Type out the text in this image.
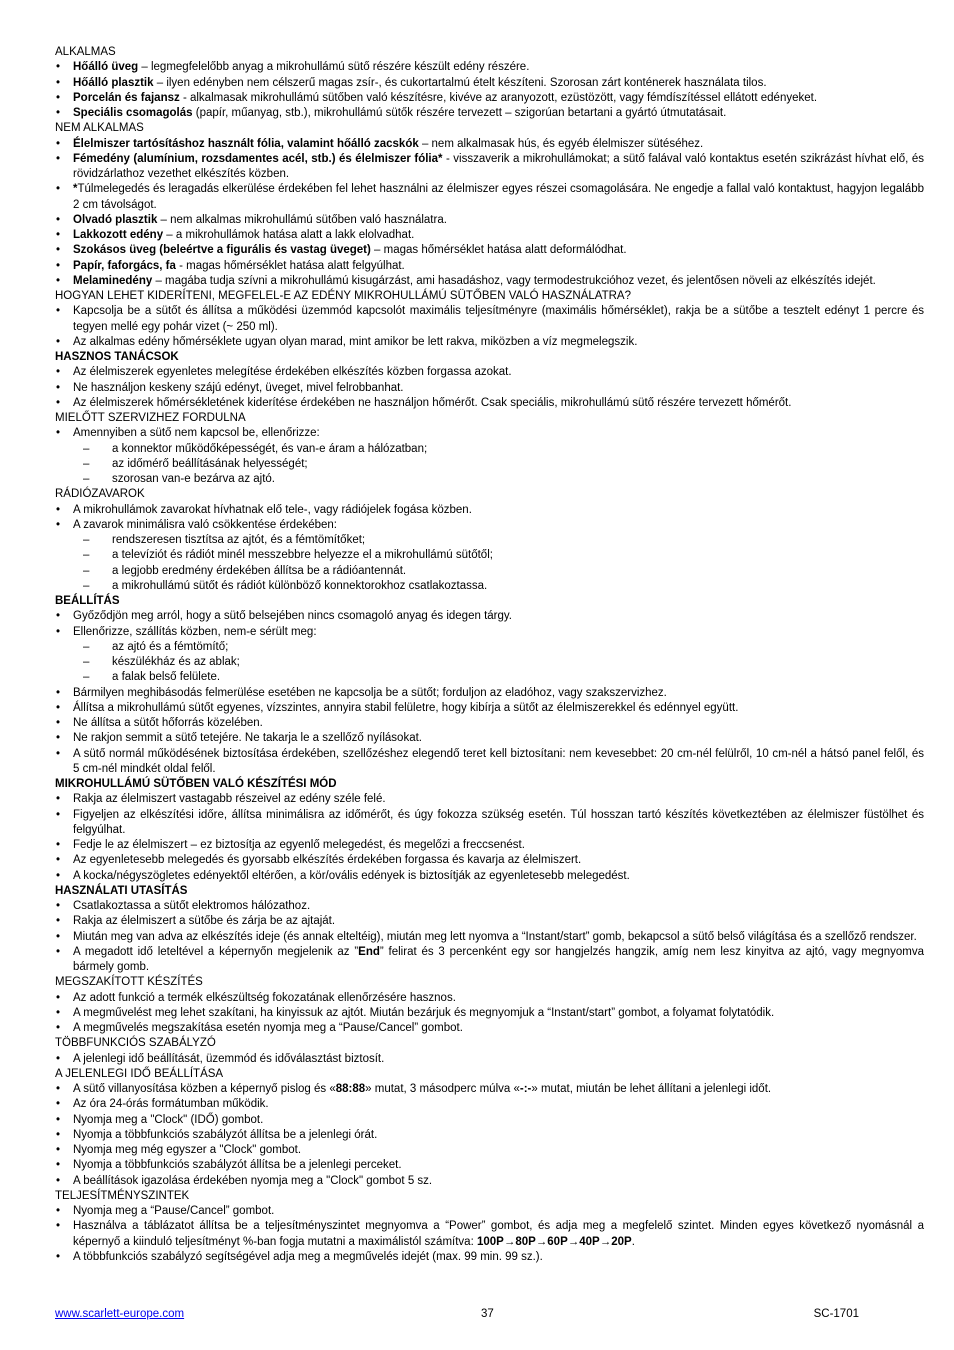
ALKALMAS
• Hőálló üveg – legmegfelelőbb anyag a mikrohullámú sütő részére készült edény részére.
• Hőálló plasztik – ilyen edényben nem célszerű magas zsír-, és cukortartalmú ételt készíteni. Szorosan zárt konténerek használata tilos.
• Porcelán és fajansz - alkalmasak mikrohullámú sütőben való készítésre, kivéve az aranyozott, ezüstözött, vagy fémdíszítéssel ellátott edényeket.
• Speciális csomagolás (papír, műanyag, stb.), mikrohullámú sütők részére tervezett – szigorúan betartani a gyártó útmutatásait.
NEM ALKALMAS
• Élelmiszer tartósításhoz használt fólia, valamint hőálló zacskók – nem alkalmasak hús, és egyéb élelmiszer sütéséhez.
• Fémedény (alumínium, rozsdamentes acél, stb.) és élelmiszer fólia* - visszaverik a mikrohullámokat; a sütő falával való kontaktus esetén szikrázást hívhat elő, és rövidzárlathoz vezethet elkészítés közben.
• *Túlmelegedés és leragadás elkerülése érdekében fel lehet használni az élelmiszer egyes részei csomagolására. Ne engedje a fallal való kontaktust, hagyjon legalább 2 cm távolságot.
• Olvadó plasztik – nem alkalmas mikrohullámú sütőben való használatra.
• Lakkozott edény – a mikrohullámok hatása alatt a lakk elolvadhat.
• Szokásos üveg (beleértve a figurális és vastag üveget) – magas hőmérséklet hatása alatt deformálódhat.
• Papír, faforgács, fa - magas hőmérséklet hatása alatt felgyúlhat.
• Melaminedény – magába tudja szívni a mikrohullámú kisugárzást, ami hasadáshoz, vagy termodestrukcióhoz vezet, és jelentősen növeli az elkészítés idejét.
HOGYAN LEHET KIDERÍTENI, MEGFELEL-E AZ EDÉNY MIKROHULLÁMÚ SÜTŐBEN VALÓ HASZNÁLATRA?
• Kapcsolja be a sütőt és állítsa a működési üzemmód kapcsolót maximális teljesítményre (maximális hőmérséklet), rakja be a sütőbe a tesztelt edényt 1 percre és tegyen mellé egy pohár vizet (~ 250 ml).
• Az alkalmas edény hőmérséklete ugyan olyan marad, mint amikor be lett rakva, miközben a víz megmelegszik.
HASZNOS TANÁCSOK
• Az élelmiszerek egyenletes melegítése érdekében elkészítés közben forgassa azokat.
• Ne használjon keskeny szájú edényt, üveget, mivel felrobbanhat.
• Az élelmiszerek hőmérsékletének kiderítése érdekében ne használjon hőmérőt. Csak speciális, mikrohullámú sütő részére tervezett hőmérőt.
MIELŐTT SZERVIZHEZ FORDULNA
• Amennyiben a sütő nem kapcsol be, ellenőrizze:
– a konnektor működőképességét, és van-e áram a hálózatban;
– az időmérő beállításának helyességét;
– szorosan van-e bezárva az ajtó.
RÁDIÓZAVAROK
• A mikrohullámok zavarokat hívhatnak elő tele-, vagy rádiójelek fogása közben.
• A zavarok minimálisra való csökkentése érdekében:
– rendszeresen tisztítsa az ajtót, és a fémtömítőket;
– a televíziót és rádiót minél messzebbre helyezze el a mikrohullámú sütőtől;
– a legjobb eredmény érdekében állítsa be a rádióantennát.
– a mikrohullámú sütőt és rádiót különböző konnektorokhoz csatlakoztassa.
BEÁLLÍTÁS
• Győződjön meg arról, hogy a sütő belsejében nincs csomagoló anyag és idegen tárgy.
• Ellenőrizze, szállítás közben, nem-e sérült meg:
– az ajtó és a fémtömítő;
– készülékház és az ablak;
– a falak belső felülete.
• Bármilyen meghibásodás felmerülése esetében ne kapcsolja be a sütőt; forduljon az eladóhoz, vagy szakszervizhez.
• Állítsa a mikrohullámú sütőt egyenes, vízszintes, annyira stabil felületre, hogy kibírja a sütőt az élelmiszerekkel és edénnyel együtt.
• Ne állítsa a sütőt hőforrás közelében.
• Ne rakjon semmit a sütő tetejére. Ne takarja le a szellőző nyílásokat.
• A sütő normál működésének biztosítása érdekében, szellőzéshez elegendő teret kell biztosítani: nem kevesebbet: 20 cm-nél felülről, 10 cm-nél a hátsó panel felől, és 5 cm-nél mindkét oldal felől.
MIKROHULLÁMÚ SÜTŐBEN VALÓ KÉSZÍTÉSI MÓD
• Rakja az élelmiszert vastagabb részeivel az edény széle felé.
• Figyeljen az elkészítési időre, állítsa minimálisra az időmérőt, és úgy fokozza szükség esetén. Túl hosszan tartó készítés következtében az élelmiszer füstölhet és felgyúlhat.
• Fedje le az élelmiszert – ez biztosítja az egyenlő melegedést, és megelőzi a freccsenést.
• Az egyenletesebb melegedés és gyorsabb elkészítés érdekében forgassa és kavarja az élelmiszert.
• A kocka/négyszögletes edényektől eltérően, a kör/ovális edények is biztosítják az egyenletesebb melegedést.
HASZNÁLATI UTASÍTÁS
• Csatlakoztassa a sütőt elektromos hálózathoz.
• Rakja az élelmiszert a sütőbe és zárja be az ajtaját.
• Miután meg van adva az elkészítés ideje (és annak elteltéig), miután meg lett nyomva a “Instant/start” gomb, bekapcsol a sütő belső világítása és a szellőző rendszer.
• A megadott idő leteltével a képernyőn megjelenik az ”End” felirat és 3 percenként egy sor hangjelzés hangzik, amíg nem lesz kinyitva az ajtó, vagy megnyomva bármely gomb.
MEGSZAKÍTOTT KÉSZÍTÉS
• Az adott funkció a termék elkészültség fokozatának ellenőrzésére hasznos.
• A megművelést meg lehet szakítani, ha kinyissuk az ajtót. Miután bezárjuk és megnyomjuk a “Instant/start” gombot, a folyamat folytatódik.
• A megművelés megszakítása esetén nyomja meg a “Pause/Cancel” gombot.
TÖBBFUNKCIÓS SZABÁLYZÓ
• A jelenlegi idő beállítását, üzemmód és időválasztást biztosít.
A JELENLEGI IDŐ BEÁLLÍTÁSA
• A sütő villanyosítása közben a képernyő pislog és «88:88» mutat, 3 másodperc múlva «-:-» mutat, miután be lehet állítani a jelenlegi időt.
• Az óra 24-órás formátumban működik.
• Nyomja meg a "Clock" (IDŐ) gombot.
• Nyomja a többfunkciós szabályzót állítsa be a jelenlegi órát.
• Nyomja meg még egyszer a "Clock" gombot.
• Nyomja a többfunkciós szabályzót állítsa be a jelenlegi perceket.
• A beállítások igazolása érdekében nyomja meg a "Clock" gombot 5 sz.
TELJESÍTMÉNYSZINTEK
• Nyomja meg a “Pause/Cancel” gombot.
• Használva a táblázatot állítsa be a teljesítményszintet megnyomva a “Power” gombot, és adja meg a megfelelő szintet. Minden egyes következő nyomásnál a képernyő a kiinduló teljesítményt %-ban fogja mutatni a maximálistól számítva: 100P→80P→60P→40P→20P.
• A többfunkciós szabályzó segítségével adja meg a megművelés idejét (max. 99 min. 99 sz.).
www.scarlett-europe.com	37	SC-1701
